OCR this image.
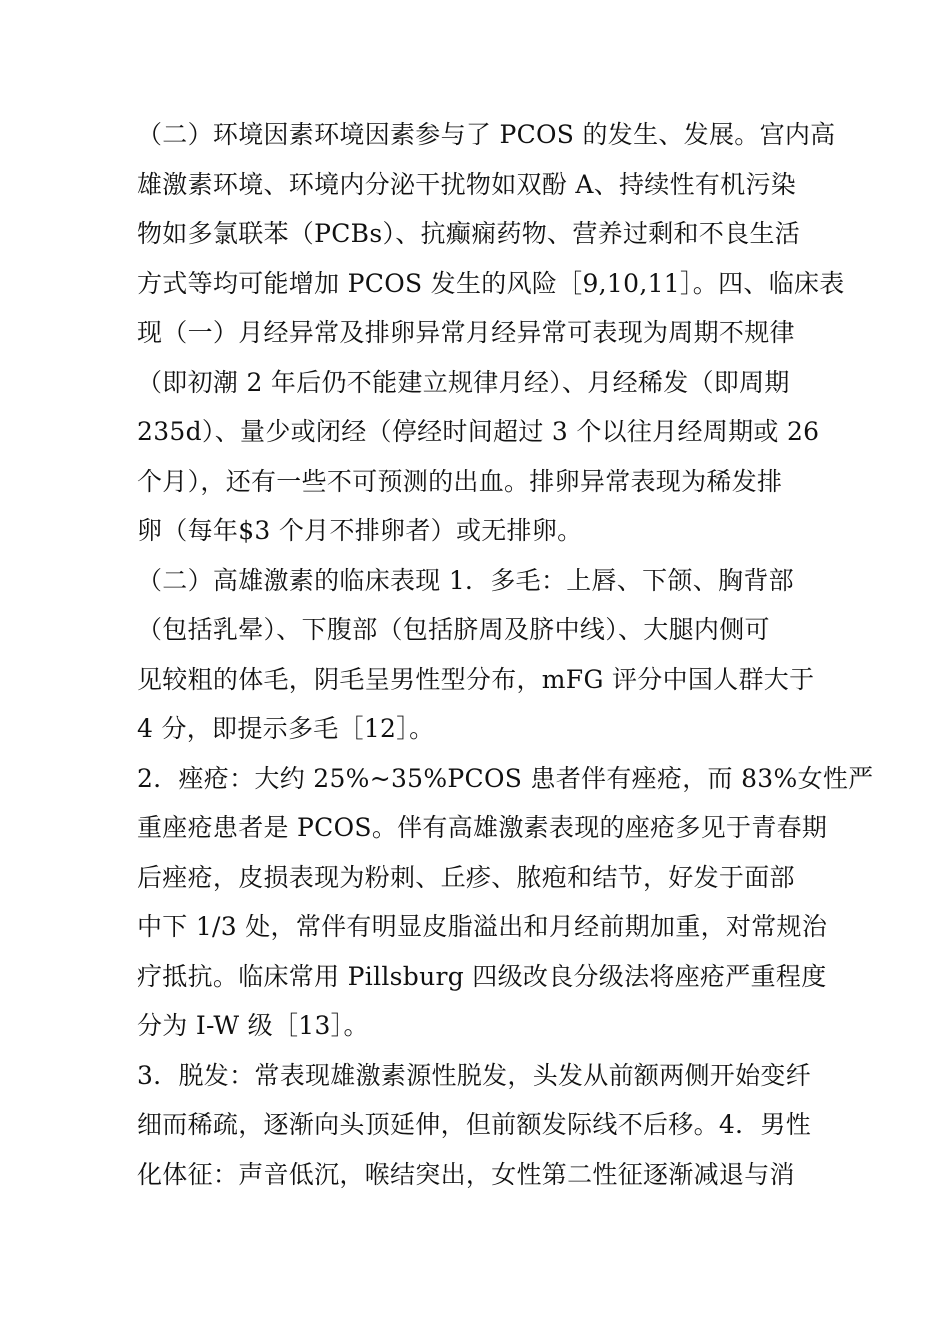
（二）环境因素环境因素参与了 PCOS 的发生、发展。宫内高
雄激素环境、环境内分泌干扰物如双酚 A、持续性有机污染
物如多氯联苯（PCBs）、抗癫痫药物、营养过剩和不良生活
方式等均可能增加 PCOS 发生的风险［9,10,11］。四、临床表
现（一）月经异常及排卵异常月经异常可表现为周期不规律
（即初潮 2 年后仍不能建立规律月经）、月经稀发（即周期
235d）、量少或闭经（停经时间超过 3 个以往月经周期或 26
个月），还有一些不可预测的出血。排卵异常表现为稀发排
卵（每年$3 个月不排卵者）或无排卵。
（二）高雄激素的临床表现 1．多毛：上唇、下颌、胸背部
（包括乳晕）、下腹部（包括脐周及脐中线）、大腿内侧可
见较粗的体毛，阴毛呈男性型分布，mFG 评分中国人群大于
4 分，即提示多毛［12］。
2．痤疮：大约 25%~35%PCOS 患者伴有痤疮，而 83%女性严
重座疮患者是 PCOS。伴有高雄激素表现的座疮多见于青春期
后痤疮，皮损表现为粉刺、丘疹、脓疱和结节，好发于面部
中下 1/3 处，常伴有明显皮脂溢出和月经前期加重，对常规治
疗抵抗。临床常用 Pillsburg 四级改良分级法将座疮严重程度
分为 I-W 级［13］。
3．脱发：常表现雄激素源性脱发，头发从前额两侧开始变纤
细而稀疏，逐渐向头顶延伸，但前额发际线不后移。4．男性
化体征：声音低沉，喉结突出，女性第二性征逐渐减退与消
